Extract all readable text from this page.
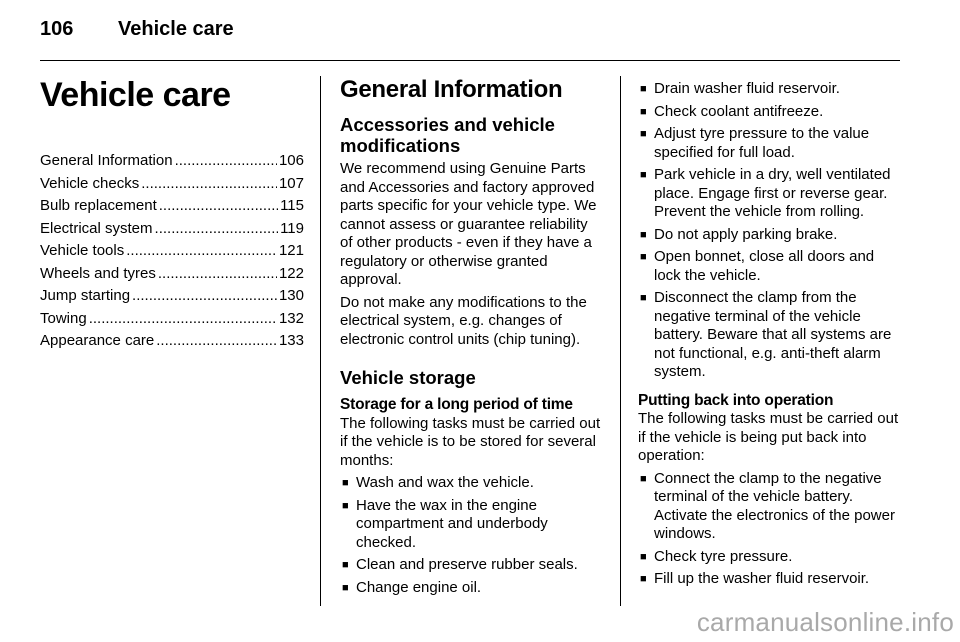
106 Vehicle care
Vehicle care
General Information .....	106
Vehicle checks .....	107
Bulb replacement .....	115
Electrical system .....	119
Vehicle tools .....	121
Wheels and tyres .....	122
Jump starting .....	130
Towing .....	132
Appearance care .....	133
General Information
Accessories and vehicle modifications

We recommend using Genuine Parts and Accessories and factory approved parts specific for your vehicle type. We cannot assess or guarantee reliability of other products - even if they have a regulatory or otherwise granted approval.

Do not make any modifications to the electrical system, e.g. changes of electronic control units (chip tuning).

Vehicle storage
Storage for a long period of time

The following tasks must be carried out if the vehicle is to be stored for several months:

■ Wash and wax the vehicle.
■ Have the wax in the engine compartment and underbody checked.
■ Clean and preserve rubber seals.
■ Change engine oil.
■ Drain washer fluid reservoir.
■ Check coolant antifreeze.
■ Adjust tyre pressure to the value specified for full load.
■ Park vehicle in a dry, well ventilated place. Engage first or reverse gear. Prevent the vehicle from rolling.
■ Do not apply parking brake.
■ Open bonnet, close all doors and lock the vehicle.
■ Disconnect the clamp from the negative terminal of the vehicle battery. Beware that all systems are not functional, e.g. anti-theft alarm system.
Putting back into operation

The following tasks must be carried out if the vehicle is being put back into operation:

■ Connect the clamp to the negative terminal of the vehicle battery. Activate the electronics of the power windows.
■ Check tyre pressure.
■ Fill up the washer fluid reservoir.
carmanualsonline.info
